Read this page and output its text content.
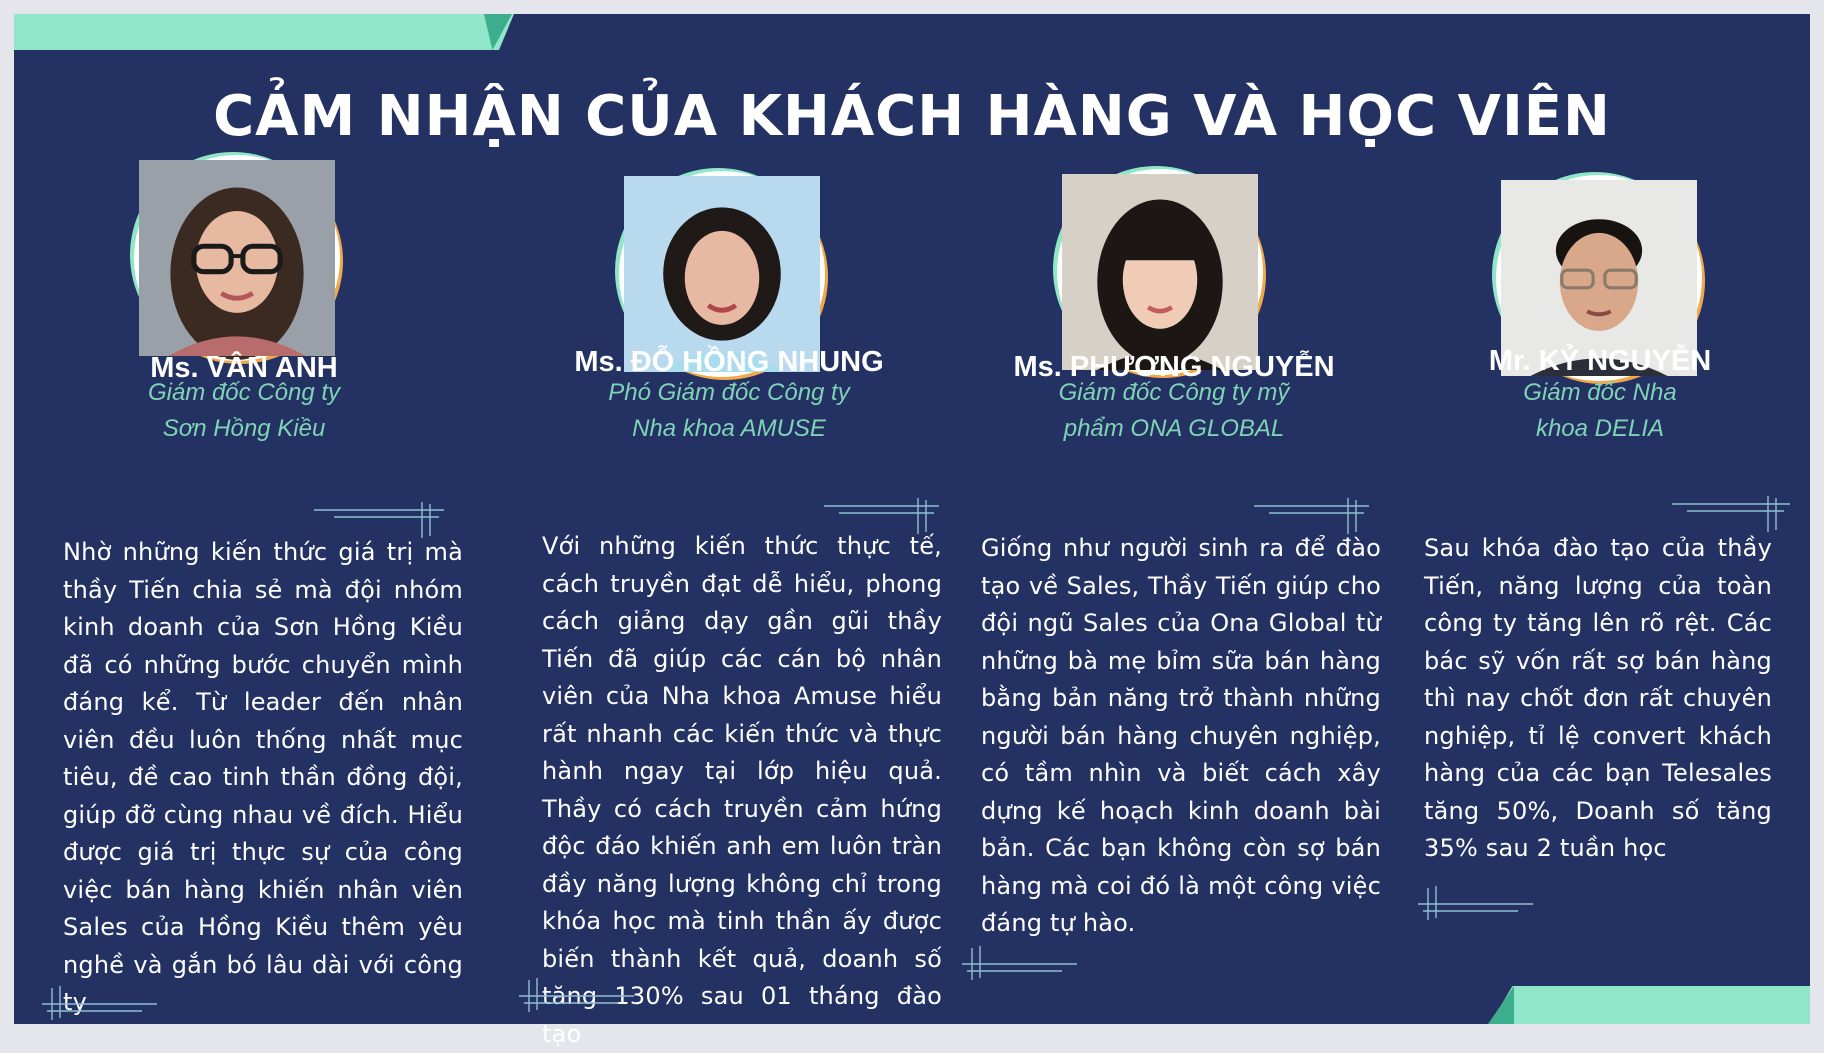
CẢM NHẬN CỦA KHÁCH HÀNG VÀ HỌC VIÊN
Ms. VÂN ANH
Giám đốc Công ty
Sơn Hồng Kiều
Nhờ những kiến thức giá trị mà thầy Tiến chia sẻ mà đội nhóm kinh doanh của Sơn Hồng Kiều đã có những bước chuyển mình đáng kể. Từ leader đến nhân viên đều luôn thống nhất mục tiêu, đề cao tinh thần đồng đội, giúp đỡ cùng nhau về đích. Hiểu được giá trị thực sự của công việc bán hàng khiến nhân viên Sales của Hồng Kiều thêm yêu nghề và gắn bó lâu dài với công ty
Ms. ĐỖ HỒNG NHUNG
Phó Giám đốc Công ty
Nha khoa AMUSE
Với những kiến thức thực tế, cách truyền đạt dễ hiểu, phong cách giảng dạy gần gũi thầy Tiến đã giúp các cán bộ nhân viên của Nha khoa Amuse hiểu rất nhanh các kiến thức và thực hành ngay tại lớp hiệu quả. Thầy có cách truyền cảm hứng độc đáo khiến anh em luôn tràn đầy năng lượng không chỉ trong khóa học mà tinh thần ấy được biến thành kết quả, doanh số tăng 130% sau 01 tháng đào tạo
Ms. PHƯƠNG NGUYỄN
Giám đốc Công ty mỹ
phẩm ONA GLOBAL
Giống như người sinh ra để đào tạo về Sales, Thầy Tiến giúp cho đội ngũ Sales của Ona Global từ những bà mẹ bỉm sữa bán hàng bằng bản năng trở thành những người bán hàng chuyên nghiệp, có tầm nhìn và biết cách xây dựng kế hoạch kinh doanh bài bản. Các bạn không còn sợ bán hàng mà coi đó là một công việc đáng tự hào.
Mr. KỶ NGUYỄN
Giám đốc Nha
khoa DELIA
Sau khóa đào tạo của thầy Tiến, năng lượng của toàn công ty tăng lên rõ rệt. Các bác sỹ vốn rất sợ bán hàng thì nay chốt đơn rất chuyên nghiệp, tỉ lệ convert khách hàng của các bạn Telesales tăng 50%, Doanh số tăng 35% sau 2 tuần học
